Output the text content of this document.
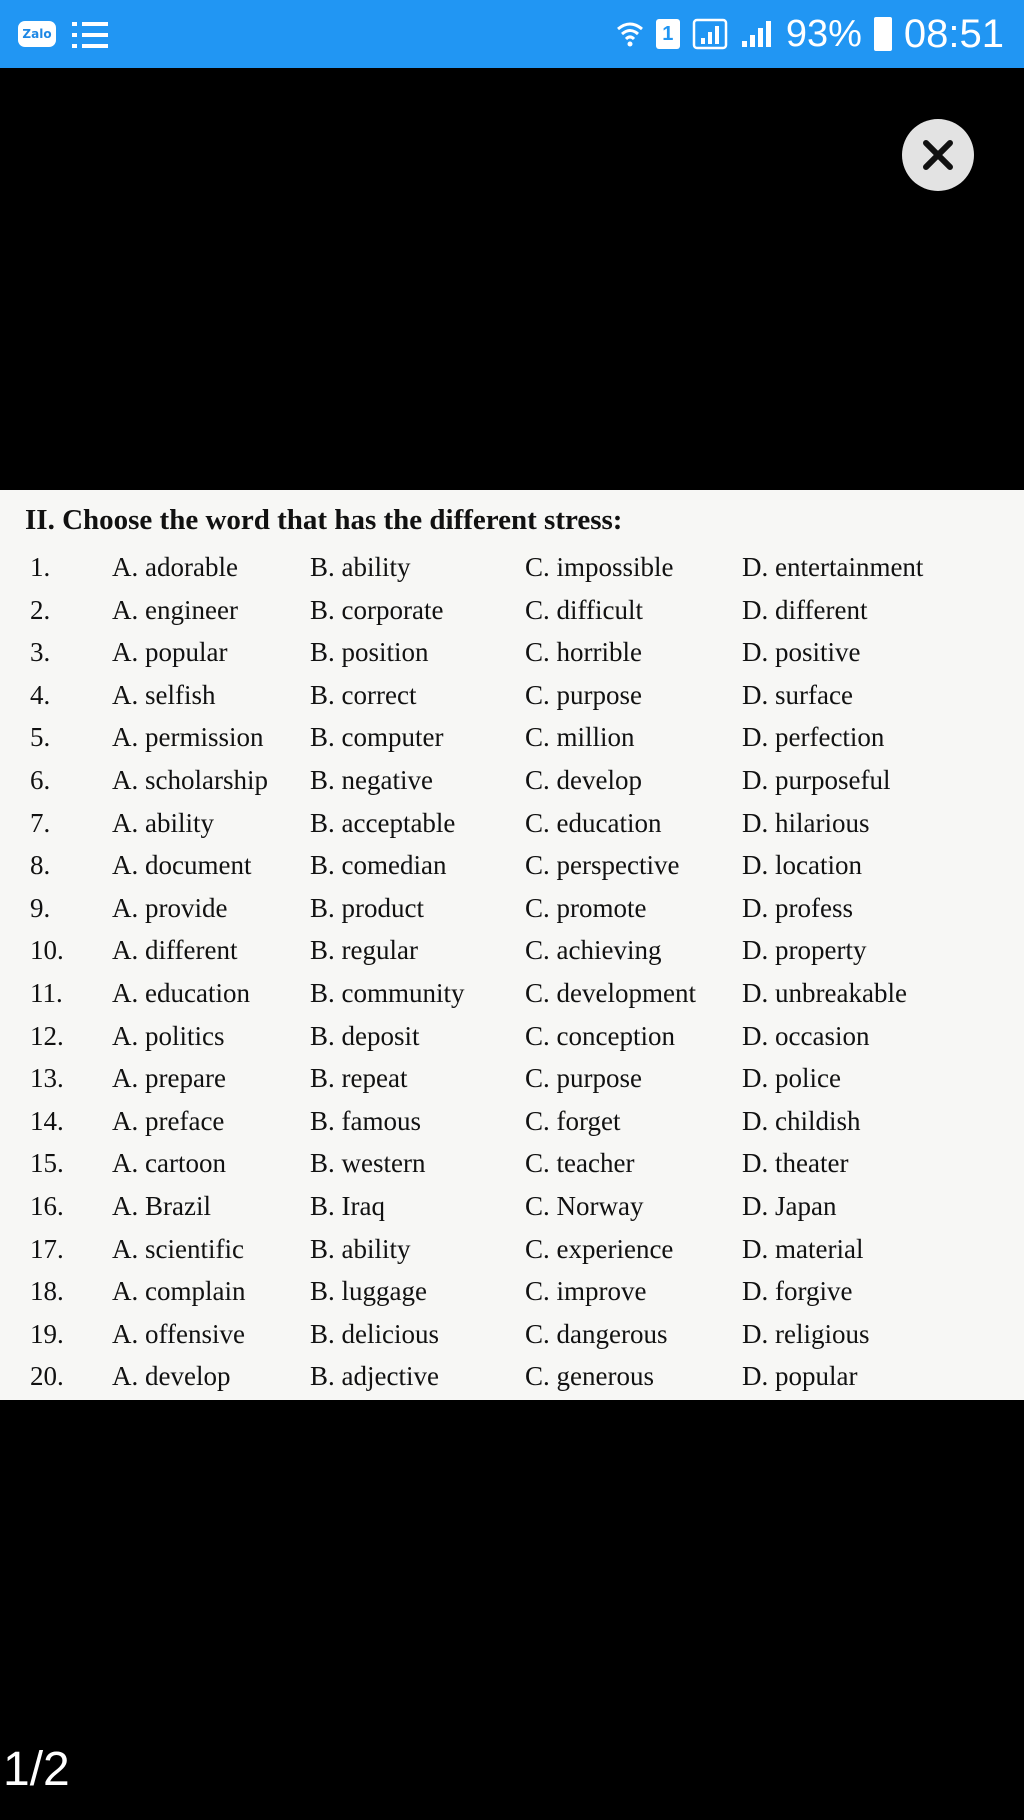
Zalo	1	93% 08:51
II. Choose the word that has the different stress:
1. A. adorable	B. ability	C. impossible	D. entertainment
2. A. engineer	B. corporate	C. difficult	D. different
3. A. popular	B. position	C. horrible	D. positive
4. A. selfish	B. correct	C. purpose	D. surface
5. A. permission B. computer	C. million	D. perfection
6. A. scholarship B. negative	C. develop	D. purposeful
7. A. ability	B. acceptable	C. education	D. hilarious
8. A. document B. comedian	C. perspective D. location
9. A. provide	B. product	C. promote	D. profess
10. A. different	B. regular	C. achieving	D. property
11. A. education B. community C. development D. unbreakable
12. A. politics	B. deposit	C. conception D. occasion
13. A. prepare	B. repeat	C. purpose	D. police
14. A. preface	B. famous	C. forget	D. childish
15. A. cartoon	B. western	C. teacher	D. theater
16. A. Brazil	B. Iraq	C. Norway	D. Japan
17. A. scientific B. ability	C. experience	D. material
18. A. complain B. luggage	C. improve	D. forgive
19. A. offensive B. delicious	C. dangerous	D. religious
20. A. develop	B. adjective	C. generous	D. popular
1/2
